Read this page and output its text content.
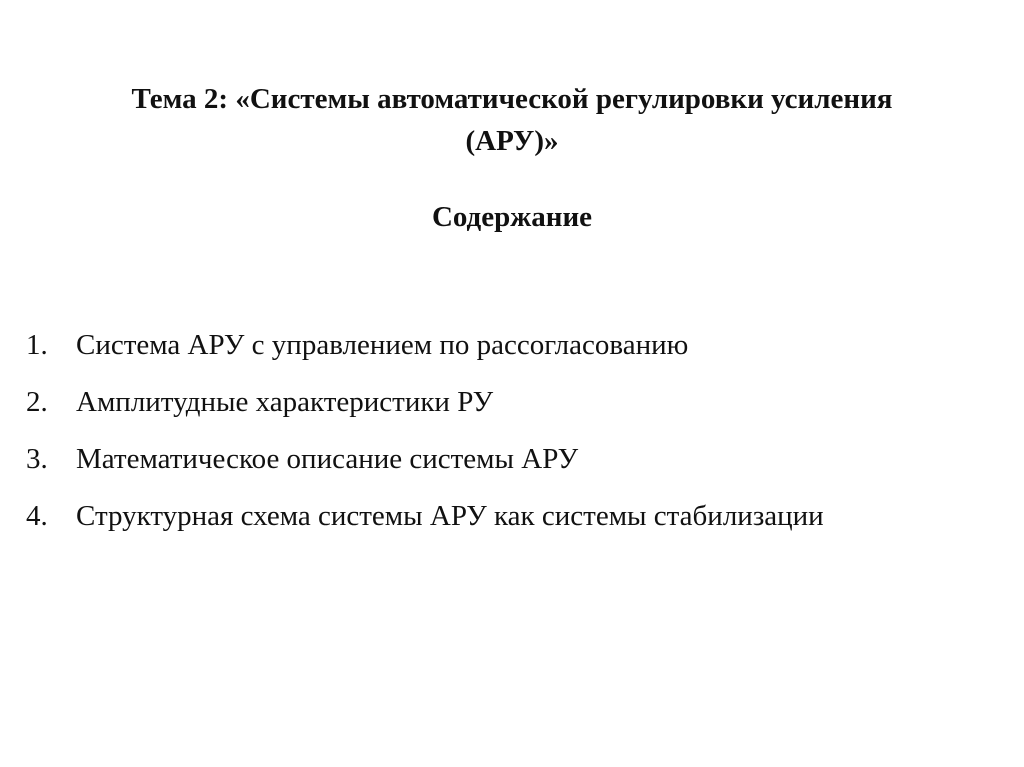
Тема 2: «Системы автоматической регулировки усиления
(АРУ)»
Содержание
1. Система АРУ с управлением по рассогласованию
2. Амплитудные характеристики РУ
3. Математическое описание системы АРУ
4. Структурная схема системы АРУ как системы стабилизации
